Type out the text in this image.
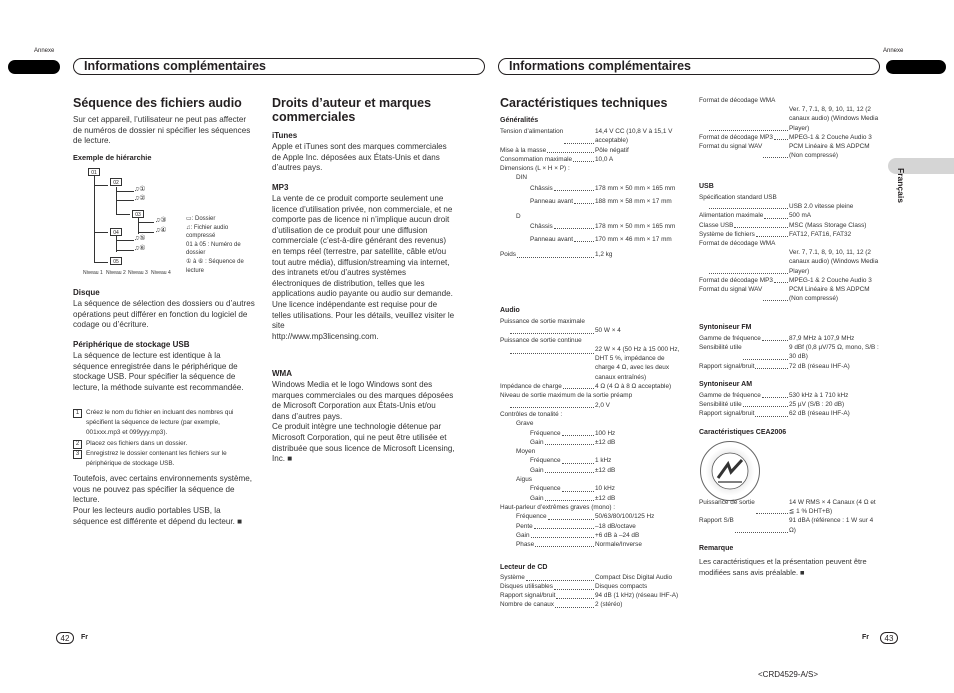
Annexe	Annexe
Informations complémentaires	Informations complémentaires
Français
Séquence des fichiers audio
Sur cet appareil, l’utilisateur ne peut pas affecter de numéros de dossier ni spécifier les séquences de lecture.
Exemple de hiérarchie
01
02
03
04
05
♫①
♫②
♫③
♫④
♫⑤
♫⑥
Niveau 1 Niveau 2 Niveau 3 Niveau 4
▭: Dossier
♫: Fichier audio compressé
01 à 05 : Numéro de dossier
① à ⑥ : Séquence de lecture
Disque
La séquence de sélection des dossiers ou d’autres opérations peut différer en fonction du logiciel de codage ou d’écriture.
Périphérique de stockage USB
La séquence de lecture est identique à la séquence enregistrée dans le périphérique de stockage USB. Pour spécifier la séquence de lecture, la méthode suivante est recommandée.
1	Créez le nom du fichier en incluant des nombres qui spécifient la séquence de lecture (par exemple, 001xxx.mp3 et 099yyy.mp3).
2	Placez ces fichiers dans un dossier.
3	Enregistrez le dossier contenant les fichiers sur le périphérique de stockage USB.
Toutefois, avec certains environnements système, vous ne pouvez pas spécifier la séquence de lecture.
Pour les lecteurs audio portables USB, la séquence est différente et dépend du lecteur. ■
Droits d’auteur et marques commerciales
iTunes
Apple et iTunes sont des marques commerciales de Apple Inc. déposées aux États-Unis et dans d’autres pays.
MP3
La vente de ce produit comporte seulement une licence d’utilisation privée, non commerciale, et ne comporte pas de licence ni n’implique aucun droit d’utilisation de ce produit pour une diffusion commerciale (c’est-à-dire générant des revenus) en temps réel (terrestre, par satellite, câble et/ou tout autre média), diffusion/streaming via internet, des intranets et/ou d’autres systèmes électroniques de distribution, telles que les applications audio payante ou audio sur demande. Une licence indépendante est requise pour de telles utilisations. Pour les détails, veuillez visiter le site
http://www.mp3licensing.com.
WMA
Windows Media et le logo Windows sont des marques commerciales ou des marques déposées de Microsoft Corporation aux États-Unis et/ou dans d’autres pays.
Ce produit intègre une technologie détenue par Microsoft Corporation, qui ne peut être utilisée et distribuée que sous licence de Microsoft Licensing, Inc. ■
Caractéristiques techniques
Généralités
Tension d’alimentation	14,4 V CC (10,8 V à 15,1 V acceptable)
Mise à la masse	Pôle négatif
Consommation maximale	10,0 A
Dimensions (L × H × P) :
DIN
Châssis	178 mm × 50 mm × 165 mm
Panneau avant	188 mm × 58 mm × 17 mm
D
Châssis	178 mm × 50 mm × 165 mm
Panneau avant	170 mm × 46 mm × 17 mm
Poids	1,2 kg
Audio
Puissance de sortie maximale
50 W × 4
Puissance de sortie continue
22 W × 4 (50 Hz à 15 000 Hz, DHT 5 %, impédance de charge 4 Ω, avec les deux canaux entraînés)
Impédance de charge	4 Ω (4 Ω à 8 Ω acceptable)
Niveau de sortie maximum de la sortie préamp
2,0 V
Contrôles de tonalité :
Grave
Fréquence	100 Hz
Gain	±12 dB
Moyen
Fréquence	1 kHz
Gain	±12 dB
Aigus
Fréquence	10 kHz
Gain	±12 dB
Haut-parleur d’extrêmes graves (mono) :
Fréquence	50/63/80/100/125 Hz
Pente	–18 dB/octave
Gain	+6 dB à –24 dB
Phase	Normale/Inverse
Lecteur de CD
Système	Compact Disc Digital Audio
Disques utilisables	Disques compacts
Rapport signal/bruit	94 dB (1 kHz) (réseau IHF-A)
Nombre de canaux	2 (stéréo)
Format de décodage WMA
Ver. 7, 7.1, 8, 9, 10, 11, 12 (2 canaux audio) (Windows Media Player)
Format de décodage MP3	MPEG-1 & 2 Couche Audio 3
Format du signal WAV	PCM Linéaire & MS ADPCM (Non compressé)
USB
Spécification standard USB
USB 2.0 vitesse pleine
Alimentation maximale	500 mA
Classe USB	MSC (Mass Storage Class)
Système de fichiers	FAT12, FAT16, FAT32
Format de décodage WMA
Ver. 7, 7.1, 8, 9, 10, 11, 12 (2 canaux audio) (Windows Media Player)
Format de décodage MP3	MPEG-1 & 2 Couche Audio 3
Format du signal WAV	PCM Linéaire & MS ADPCM (Non compressé)
Syntoniseur FM
Gamme de fréquence	87,9 MHz à 107,9 MHz
Sensibilité utile	9 dBf (0,8 µV/75 Ω, mono, S/B : 30 dB)
Rapport signal/bruit	72 dB (réseau IHF-A)
Syntoniseur AM
Gamme de fréquence	530 kHz à 1 710 kHz
Sensibilité utile	25 µV (S/B : 20 dB)
Rapport signal/bruit	62 dB (réseau IHF-A)
Caractéristiques CEA2006
Puissance de sortie	14 W RMS × 4 Canaux (4 Ω et ≦ 1 % DHT+B)
Rapport S/B	91 dBA (référence : 1 W sur 4 Ω)
Remarque
Les caractéristiques et la présentation peuvent être modifiées sans avis préalable. ■
42	Fr	Fr	43
<CRD4529-A/S>
